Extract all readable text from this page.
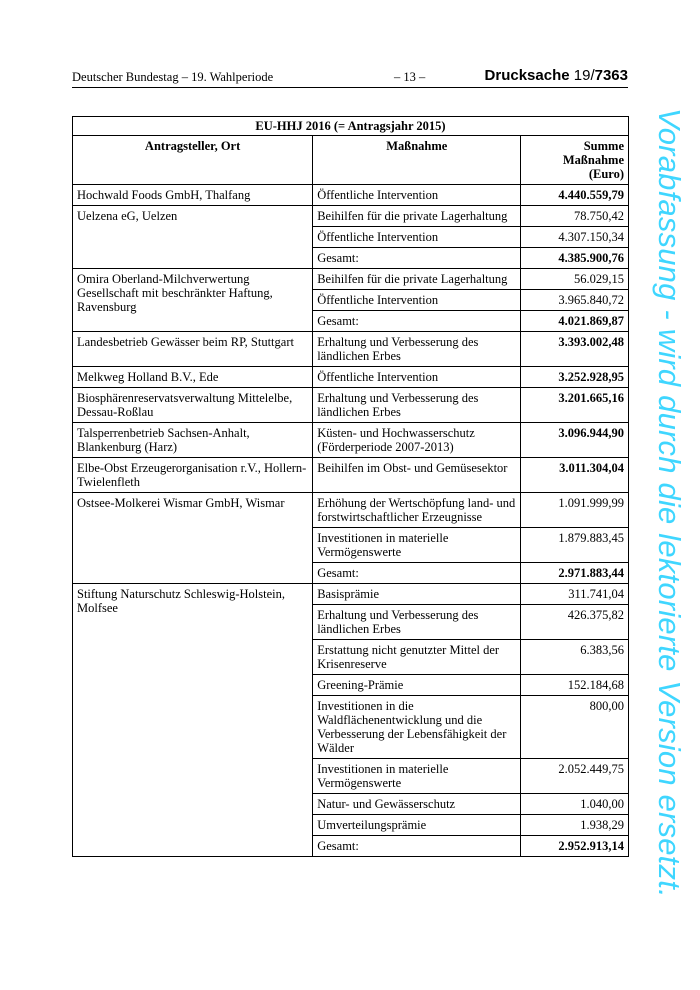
Deutscher Bundestag – 19. Wahlperiode	– 13 –	Drucksache 19/7363
EU-HHJ 2016 (= Antragsjahr 2015)		
Antragsteller, Ort	Maßnahme	Summe Maßnahme (Euro)
Hochwald Foods GmbH, Thalfang	Öffentliche Intervention	4.440.559,79
Uelzena eG, Uelzen	Beihilfen für die private Lagerhaltung	78.750,42
	Öffentliche Intervention	4.307.150,34
	Gesamt:	4.385.900,76
Omira Oberland-Milchverwertung Gesellschaft mit beschränkter Haftung, Ravensburg	Beihilfen für die private Lagerhaltung	56.029,15
	Öffentliche Intervention	3.965.840,72
	Gesamt:	4.021.869,87
Landesbetrieb Gewässer beim RP, Stuttgart	Erhaltung und Verbesserung des ländlichen Erbes	3.393.002,48
Melkweg Holland B.V., Ede	Öffentliche Intervention	3.252.928,95
Biosphärenreservatsverwaltung Mittelelbe, Dessau-Roßlau	Erhaltung und Verbesserung des ländlichen Erbes	3.201.665,16
Talsperrenbetrieb Sachsen-Anhalt, Blankenburg (Harz)	Küsten- und Hochwasserschutz (Förderperiode 2007-2013)	3.096.944,90
Elbe-Obst Erzeugerorganisation r.V., Hollern-Twielenfleth	Beihilfen im Obst- und Gemüsesektor	3.011.304,04
Ostsee-Molkerei Wismar GmbH, Wismar	Erhöhung der Wertschöpfung land- und forstwirtschaftlicher Erzeugnisse	1.091.999,99
	Investitionen in materielle Vermögenswerte	1.879.883,45
	Gesamt:	2.971.883,44
Stiftung Naturschutz Schleswig-Holstein, Molfsee	Basisprämie	311.741,04
	Erhaltung und Verbesserung des ländlichen Erbes	426.375,82
	Erstattung nicht genutzter Mittel der Krisenreserve	6.383,56
	Greening-Prämie	152.184,68
	Investitionen in die Waldflächenentwicklung und die Verbesserung der Lebensfähigkeit der Wälder	800,00
	Investitionen in materielle Vermögenswerte	2.052.449,75
	Natur- und Gewässerschutz	1.040,00
	Umverteilungsprämie	1.938,29
	Gesamt:	2.952.913,14 Vorabfassung - wird durch die lektorierte Version ersetzt.
